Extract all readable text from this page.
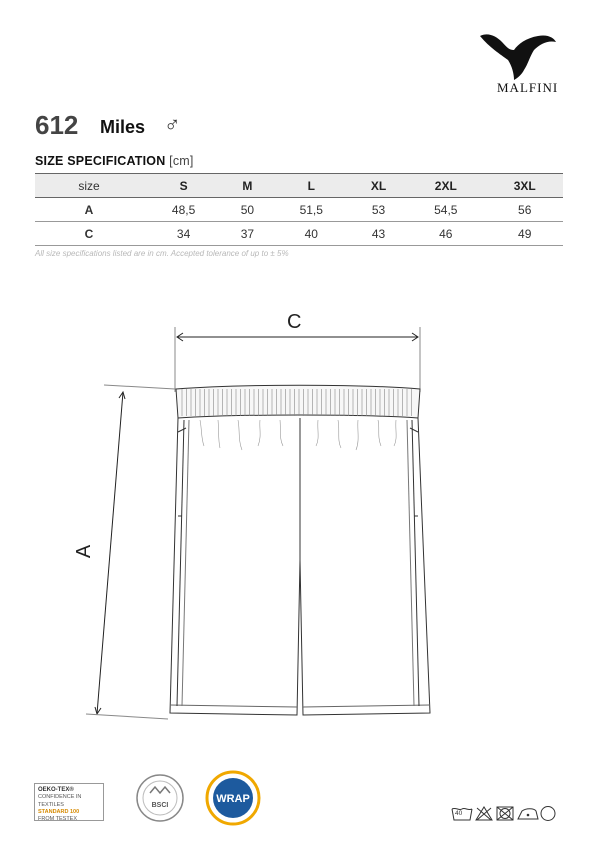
MALFINI
612 Miles ♂
SIZE SPECIFICATION [cm]
size	S	M	L	XL	2XL	3XL
A	48,5	50	51,5	53	54,5	56
C	34	37	40	43	46	49
All size specifications listed are in cm. Accepted tolerance of up to ± 5%
C
A
OEKO-TEX®
CONFIDENCE IN TEXTILES
STANDARD 100
FROM TESTEX
BSCI
WRAP
40
